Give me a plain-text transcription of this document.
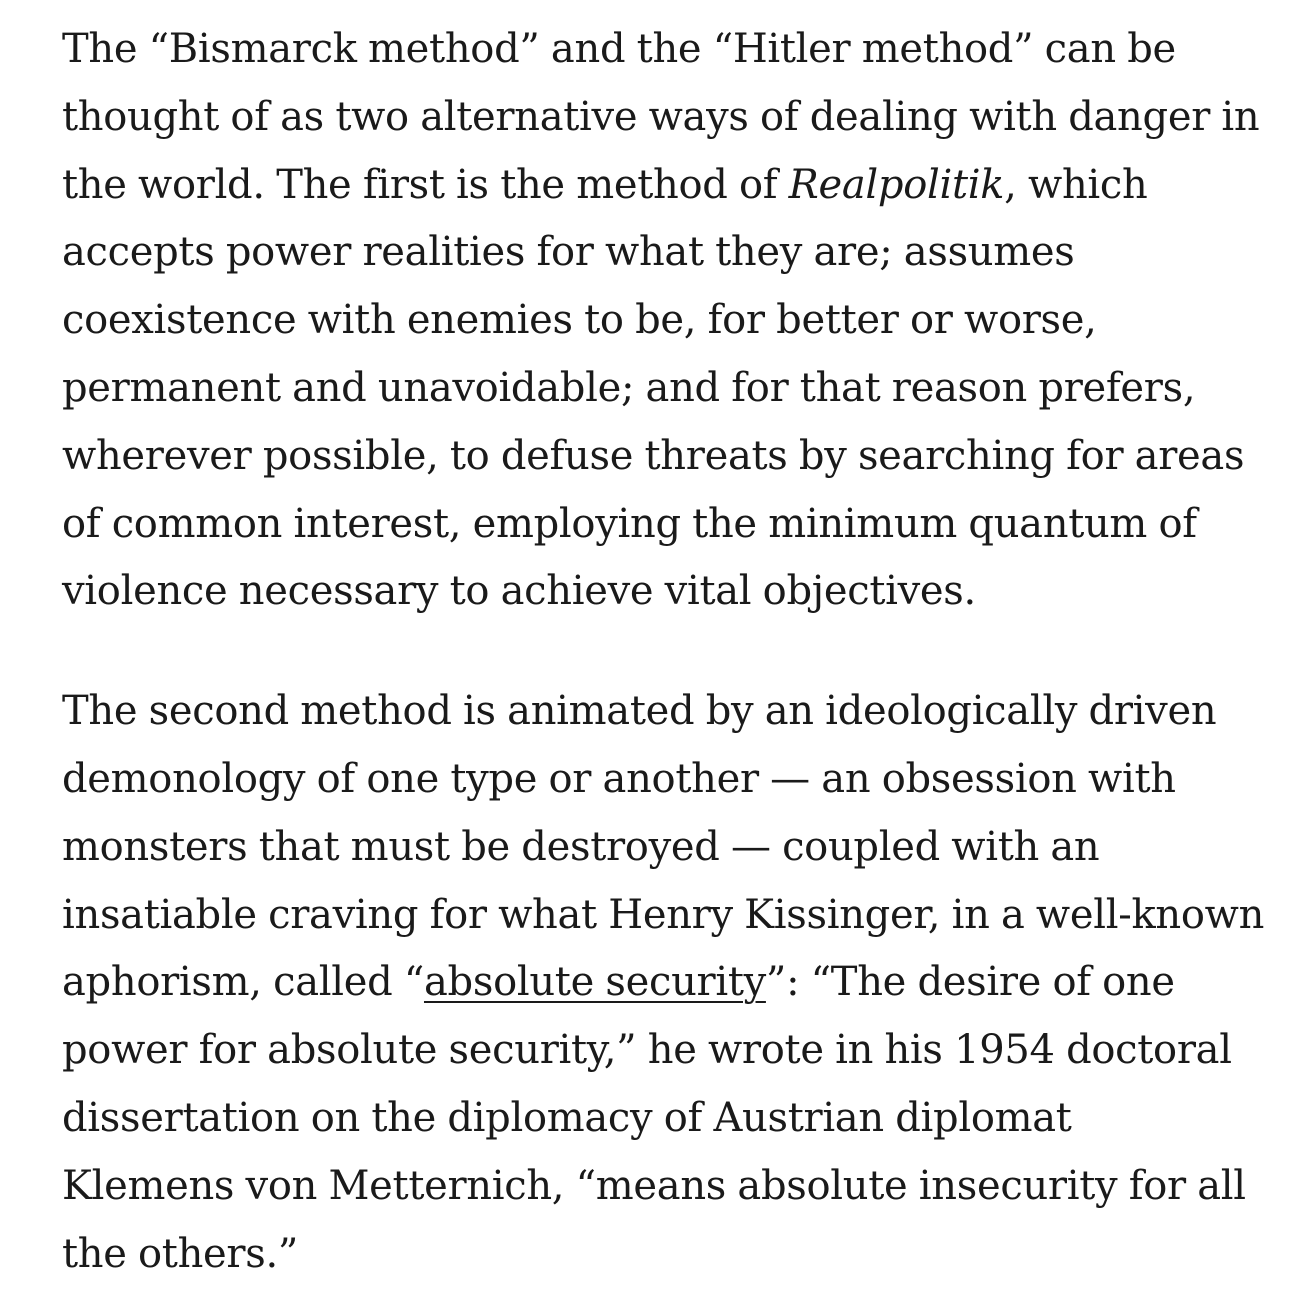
The “Bismarck method” and the “Hitler method” can be
thought of as two alternative ways of dealing with danger in
the world. The first is the method of Realpolitik, which
accepts power realities for what they are; assumes
coexistence with enemies to be, for better or worse,
permanent and unavoidable; and for that reason prefers,
wherever possible, to defuse threats by searching for areas
of common interest, employing the minimum quantum of
violence necessary to achieve vital objectives.

The second method is animated by an ideologically driven
demonology of one type or another — an obsession with
monsters that must be destroyed — coupled with an
insatiable craving for what Henry Kissinger, in a well-known
aphorism, called “absolute security”: “The desire of one
power for absolute security,” he wrote in his 1954 doctoral
dissertation on the diplomacy of Austrian diplomat
Klemens von Metternich, “means absolute insecurity for all
the others.”
